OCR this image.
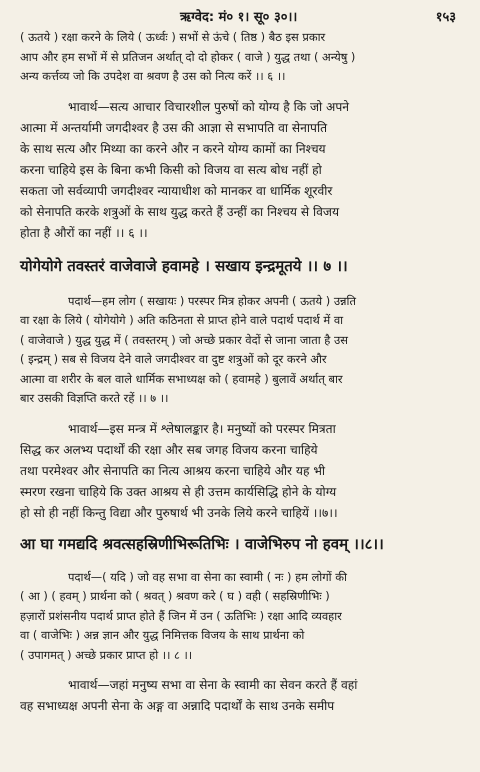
ऋग्वेद: मं० १। सू० ३०।।	१५३
( ऊतये ) रक्षा करने के लिये ( ऊर्ध्वः ) सभों से ऊंचे ( तिष्ठ ) बैठ इस प्रकार
आप और हम सभों में से प्रतिजन अर्थात् दो दो होकर ( वाजे ) युद्ध तथा ( अन्येषु )
अन्य कर्त्तव्य जो कि उपदेश वा श्रवण है उस को नित्य करें ।। ६ ।।
भावार्थ—सत्य आचार विचारशील पुरुषों को योग्य है कि जो अपने
आत्मा में अन्तर्यामी जगदीश्वर है उस की आज्ञा से सभापति वा सेनापति
के साथ सत्य और मिथ्या का करने और न करने योग्य कामों का निश्चय
करना चाहिये इस के बिना कभी किसी को विजय वा सत्य बोध नहीं हो
सकता जो सर्वव्यापी जगदीश्वर न्यायाधीश को मानकर वा धार्मिक शूरवीर
को सेनापति करके शत्रुओं के साथ युद्ध करते हैं उन्हीं का निश्चय से विजय
होता है औरों का नहीं ।। ६ ।।
योगेयोगे तवस्तरं वाजेवाजे हवामहे । सखाय इन्द्रमूतये ।। ७ ।।
पदार्थ—हम लोग ( सखायः ) परस्पर मित्र होकर अपनी ( ऊतये ) उन्नति
वा रक्षा के लिये ( योगेयोगे ) अति कठिनता से प्राप्त होने वाले पदार्थ पदार्थ में वा
( वाजेवाजे ) युद्ध युद्ध में ( तवस्तरम् ) जो अच्छे प्रकार वेदों से जाना जाता है उस
( इन्द्रम् ) सब से विजय देने वाले जगदीश्वर वा दुष्ट शत्रुओं को दूर करने और
आत्मा वा शरीर के बल वाले धार्मिक सभाध्यक्ष को ( हवामहे ) बुलावें अर्थात् बार
बार उसकी विज्ञप्ति करते रहें ।। ७ ।।
भावार्थ—इस मन्त्र में श्लेषालङ्कार है। मनुष्यों को परस्पर मित्रता
सिद्ध कर अलभ्य पदार्थों की रक्षा और सब जगह विजय करना चाहिये
तथा परमेश्वर और सेनापति का नित्य आश्रय करना चाहिये और यह भी
स्मरण रखना चाहिये कि उक्त आश्रय से ही उत्तम कार्यसिद्धि होने के योग्य
हो सो ही नहीं किन्तु विद्या और पुरुषार्थ भी उनके लिये करने चाहियें ।।७।।
आ घा गमद्यदि श्रवत्सहस्रिणीभिरूतिभिः । वाजेभिरुप नो हवम् ।।८।।
पदार्थ—( यदि ) जो वह सभा वा सेना का स्वामी ( नः ) हम लोगों की
( आ ) ( हवम् ) प्रार्थना को ( श्रवत् ) श्रवण करे ( घ ) वही ( सहस्रिणीभिः )
हज़ारों प्रशंसनीय पदार्थ प्राप्त होते हैं जिन में उन ( ऊतिभिः ) रक्षा आदि व्यवहार
वा ( वाजेभिः ) अन्न ज्ञान और युद्ध निमित्तक विजय के साथ प्रार्थना को
( उपागमत् ) अच्छे प्रकार प्राप्त हो ।। ८ ।।
भावार्थ—जहां मनुष्य सभा वा सेना के स्वामी का सेवन करते हैं वहां
वह सभाध्यक्ष अपनी सेना के अङ्ग वा अन्नादि पदार्थों के साथ उनके समीप
